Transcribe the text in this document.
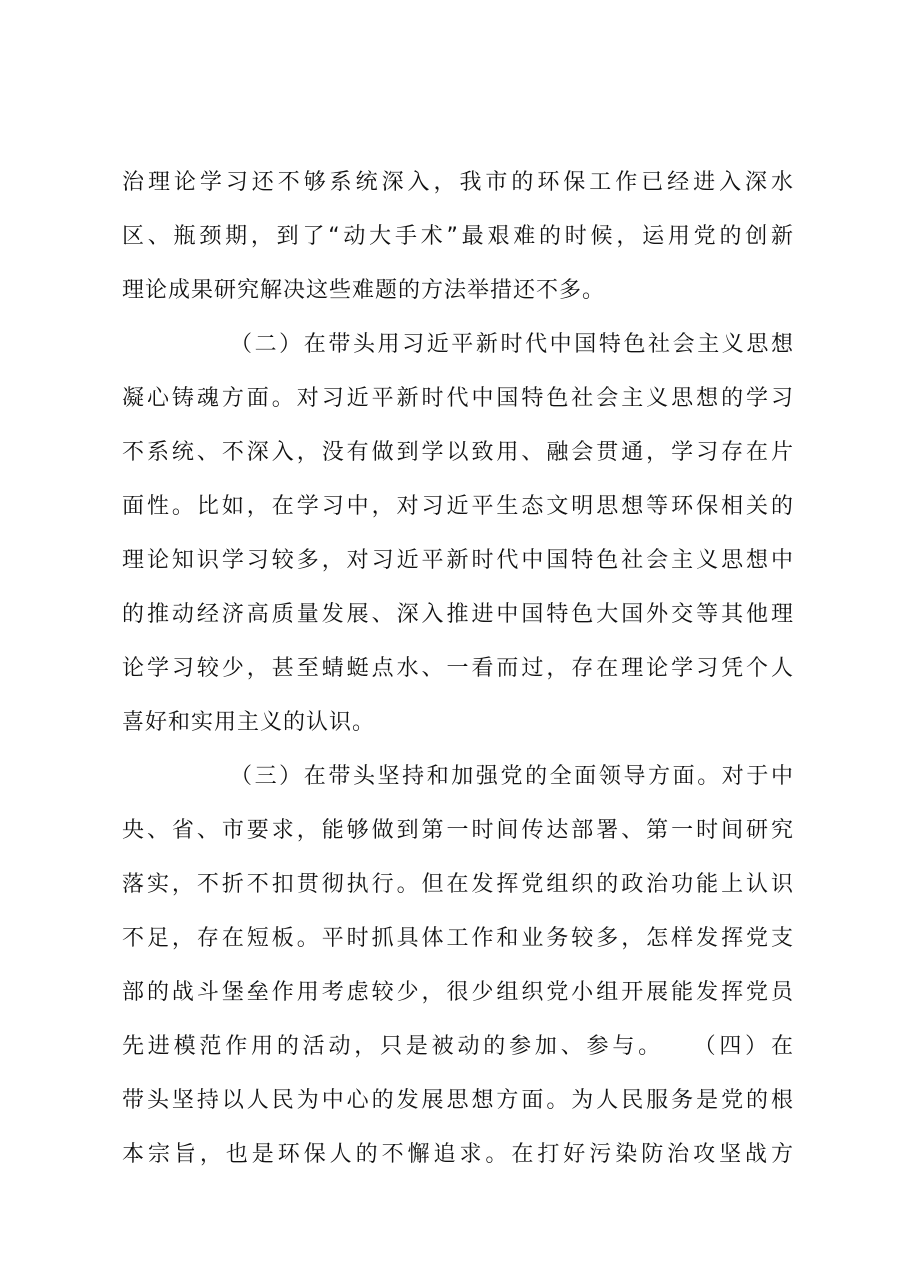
治理论学习还不够系统深入，我市的环保工作已经进入深水
区、瓶颈期，到了“动大手术”最艰难的时候，运用党的创新
理论成果研究解决这些难题的方法举措还不多。
（二）在带头用习近平新时代中国特色社会主义思想
凝心铸魂方面。对习近平新时代中国特色社会主义思想的学习
不系统、不深入，没有做到学以致用、融会贯通，学习存在片
面性。比如，在学习中，对习近平生态文明思想等环保相关的
理论知识学习较多，对习近平新时代中国特色社会主义思想中
的推动经济高质量发展、深入推进中国特色大国外交等其他理
论学习较少，甚至蜻蜓点水、一看而过，存在理论学习凭个人
喜好和实用主义的认识。
（三）在带头坚持和加强党的全面领导方面。对于中
央、省、市要求，能够做到第一时间传达部署、第一时间研究
落实，不折不扣贯彻执行。但在发挥党组织的政治功能上认识
不足，存在短板。平时抓具体工作和业务较多，怎样发挥党支
部的战斗堡垒作用考虑较少，很少组织党小组开展能发挥党员
先进模范作用的活动，只是被动的参加、参与。　　（四）在
带头坚持以人民为中心的发展思想方面。为人民服务是党的根
本宗旨，也是环保人的不懈追求。在打好污染防治攻坚战方
